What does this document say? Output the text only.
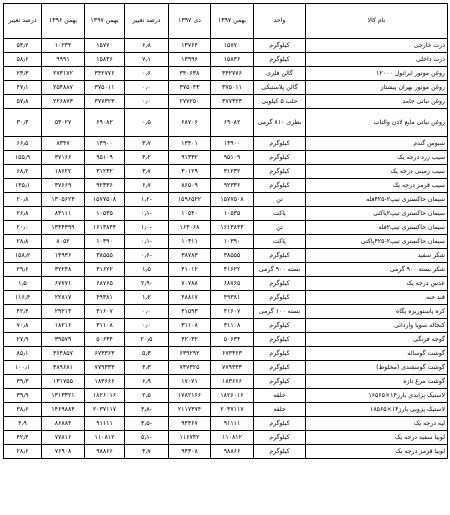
نام کالا	واحد	بهمن ۱۳۹۷	دی ۱۳۹۷	درصد تغییر	بهمن ۱۳۹۷	بهمن ۱۳۹۶	درصد تغییر
ذرت خارجی	کیلوگرم	۱۵۷۷۰	۱۳۷۶۴	۶٫۸	۱۵۷۷۰	۱۰۲۳۴	۵۴٫۲
ذرت داخلی	کیلوگرم	۱۵۸۳۶	۱۳۹۹۶	۷٫۱	۱۵۸۳۶	۹۹۹۱	۵۸٫۶
روغن موتور ایرانول ۱۲۰۰۰	گالن فلزی	۳۴۲۷۷۶	۳۴۰۶۳۸	۰٫۶	۳۴۲۷۷۶	۲۷۳۱۷۲	۲۳٫۳
روغن موتور بهران پیشتاز	گالن پلاستیکی	۳۷۵۰۱۱	۳۷۵۰۴۳	۰٫۰	۳۷۵۰۱۱	۲۵۴۸۸۷	۴۷٫۱
روغن نباتی جامد	حلب ۵ کیلویی	۳۷۷۳۲۳	۲۷۷۲۵۰	۰٫۰	۳۷۷۳۲۳	۲۲۶۸۷۳	۵۷٫۸
روغن نباتی مایع لادن والتاب	بطری ۸۱۰ گرمی	۶۹۰۸۲	۶۸۷۰۶	۰٫۵	۶۹۰۸۲	۵۳۰۲۷	۳۰٫۳
سبوس گندم	کیلوگرم	۱۳۹۰۰	۱۳۴۰۱	۳٫۷	۱۳۹۰۰	۸۳۴۷	۶۶٫۵
سیب زرد درجه یک	کیلوگرم	۹۵۱۰۹	۹۱۳۳۲	۴٫۲	۹۵۱۰۹	۳۷۱۶۶	۱۵۵٫۹
سیب زمینی درجه یک	کیلوگرم	۳۱۲۳۲	۳۰۱۲۹	۳٫۷	۳۱۲۳۲	۱۸۶۲۲	۶۸٫۲
سیب قرمز درجه یک	کیلوگرم	۹۲۳۳۶	۸۶۵۰۹	۶٫۷	۹۲۳۳۶	۳۷۶۶۹	۱۴۵٫۱
سیمان خاکستری تیپ۲-۴۲۵فله	تن	۱۵۷۷۵۰۸	۱۵۹۶۵۲۲	-۱٫۲	۱۵۷۷۵۰۸	۱۳۰۵۶۲۳	۲۰٫۸
سیمان خاکستری تیپ۲پاکتی	پاکت	۱۰۵۳۵	۱۰۵۴۰	-۰٫۱	۱۰۵۳۵	۸۳۱۱۱	۲۶٫۸
سیمان خاکستری تیپ۲فله	تن	۱۶۱۳۸۴۴	۱۶۳۰۶۸	-۱٫۰	۱۶۱۳۸۴۴	۱۳۴۴۳۹۹	۲۰٫۰
سیمان خاکستری تیپ۲-۴۲۵پاکتی	پاکت	۱۰۳۹۰	۱۰۳۱۱	-۰٫۱	۱۰۳۹۰	۸۰۵۲	۲۸٫۸
شکر سفید	کیلوگرم	۳۸۵۵۵	۳۸۷۸۳	-۰٫۶	۳۸۵۵۵	۱۴۹۳۶	۱۵۸٫۲
شکر بسته ۹۰۰ گرمی	بسته ۹۰۰ گرمی	۴۱۶۲۲	۴۱۰۱۲	۱٫۵	۴۱۶۲۲	۳۲۲۴۸	۲۹٫۶
عدس درجه یک	کیلوگرم	۶۸۷۶۵	۷۰۷۸۸	-۲٫۹	۶۸۷۶۵	۶۷۷۷۱	۱٫۵
قند حبه	کیلوگرم	۴۹۳۸۱	۴۸۸۱۷	۱٫۲	۴۹۳۸۱	۲۲۸۱۷	۱۱۶٫۴
کره پاستوریزه پگاه	بسته ۱۰۰ گرمی	۴۱۶۰۷	۴۱۵۹۳	۰٫۰	۴۱۶۰۷	۲۹۲۱۴	۴۲٫۴
کنجاله سویا وارداتی	کیلوگرم	۳۱۱۰۸	۳۱۱۰۸	۰٫۰	۳۱۱۰۸	۱۸۲۱۶	۷۰٫۸
گوجه فرنگی	کیلوگرم	۵۰۶۳۴	۴۲۰۳۲	۲۰٫۵	۵۰۶۳۴	۳۹۵۷۹	۲۷٫۹
گوشت گوساله	کیلوگرم	۶۷۳۳۶۳	۶۳۹۲۹۲	۵٫۳	۶۷۳۳۶۳	۳۶۴۸۵۷	۸۵٫۱
گوشت گوسفندی (مخلوط)	کیلوگرم	۷۷۹۳۳۳	۷۴۷۳۲۵	۴٫۳	۷۷۹۳۳۳	۳۸۹۶۸۱	۱۰۰٫۱
گوشت مرغ تازه	کیلوگرم	۱۸۳۶۶۶	۱۷۰۷۱	۶٫۹	۱۸۳۶۶۶	۱۳۱۷۵۵	۳۹٫۳
لاستیک پرایدی بارز۱۴×۱۶۵۶۵	حلقه	۱۸۲۶۰۱۶	۱۷۸۲۱۶۶	۲٫۵	۱۸۲۶۰۱۶	۱۳۱۳۳۲۱	۳۹٫۹
لاستیک پژویی بارز۱۴×۱۸۵۶۵	حلقه	۲۰۳۷۱۱۷	۲۱۱۷۳۷۴	-۳٫۸	۲۰۳۷۱۱۷	۱۴۶۹۸۸۴	۳۸٫۶
لپه درجه یک	کیلوگرم	۹۱۱۱۱	۹۴۳۶۷	-۳٫۵	۹۱۱۱۱	۸۶۸۸۴	۴٫۹
لوبیا سفید درجه یک	کیلوگرم	۱۱۰۸۱۲	۱۱۶۷۴۲	-۵٫۱	۱۱۰۸۱۲	۷۷۸۱۶	۴۲٫۴
لوبیا قرمز درجه یک	کیلوگرم	۹۸۸۶۶	۹۴۳۰۸	۴٫۷	۹۸۸۶۶	۷۶۹۰۸	۲۸٫۶
